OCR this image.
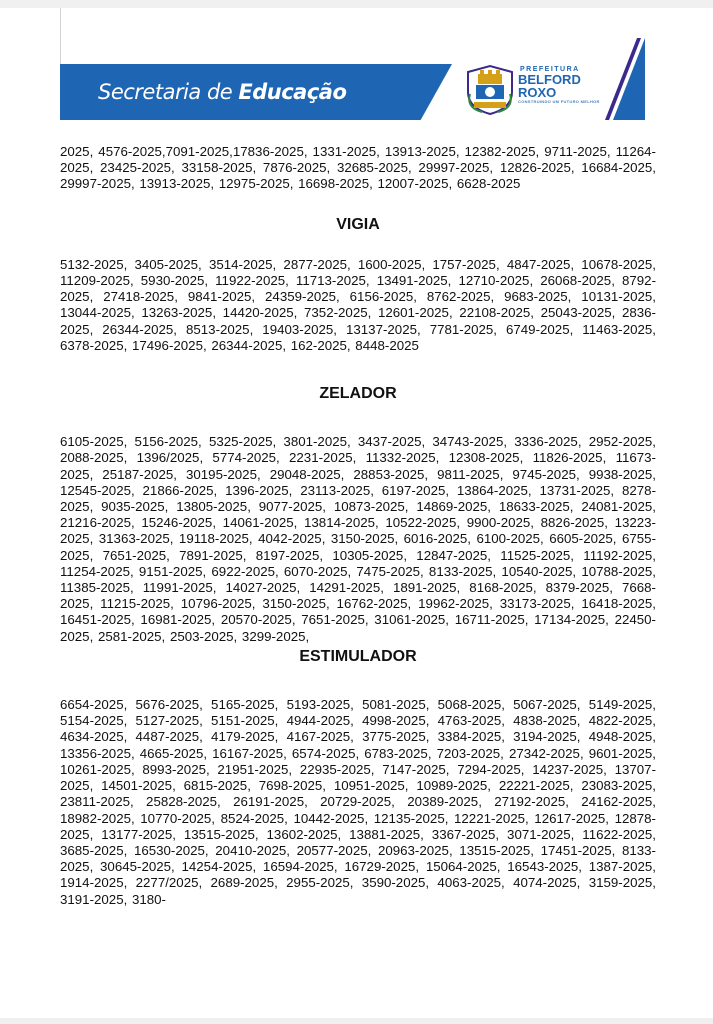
Secretaria de Educação
PREFEITURA
BELFORD
ROXO
CONSTRUINDO UM FUTURO MELHOR

2025, 4576-2025,7091-2025,17836-2025, 1331-2025, 13913-2025, 12382-2025, 9711-2025, 11264-2025, 23425-2025, 33158-2025, 7876-2025, 32685-2025, 29997-2025, 12826-2025, 16684-2025, 29997-2025, 13913-2025, 12975-2025, 16698-2025, 12007-2025, 6628-2025

VIGIA

5132-2025, 3405-2025, 3514-2025, 2877-2025, 1600-2025, 1757-2025, 4847-2025, 10678-2025, 11209-2025, 5930-2025, 11922-2025, 11713-2025, 13491-2025, 12710-2025, 26068-2025, 8792-2025, 27418-2025, 9841-2025, 24359-2025, 6156-2025, 8762-2025, 9683-2025, 10131-2025, 13044-2025, 13263-2025, 14420-2025, 7352-2025, 12601-2025, 22108-2025, 25043-2025, 2836-2025, 26344-2025, 8513-2025, 19403-2025, 13137-2025, 7781-2025, 6749-2025, 11463-2025, 6378-2025, 17496-2025, 26344-2025, 162-2025, 8448-2025

ZELADOR

6105-2025, 5156-2025, 5325-2025, 3801-2025, 3437-2025, 34743-2025, 3336-2025, 2952-2025, 2088-2025, 1396/2025, 5774-2025, 2231-2025, 11332-2025, 12308-2025, 11826-2025, 11673-2025, 25187-2025, 30195-2025, 29048-2025, 28853-2025, 9811-2025, 9745-2025, 9938-2025, 12545-2025, 21866-2025, 1396-2025, 23113-2025, 6197-2025, 13864-2025, 13731-2025, 8278-2025, 9035-2025, 13805-2025, 9077-2025, 10873-2025, 14869-2025, 18633-2025, 24081-2025, 21216-2025, 15246-2025, 14061-2025, 13814-2025, 10522-2025, 9900-2025, 8826-2025, 13223-2025, 31363-2025, 19118-2025, 4042-2025, 3150-2025, 6016-2025, 6100-2025, 6605-2025, 6755-2025, 7651-2025, 7891-2025, 8197-2025, 10305-2025, 12847-2025, 11525-2025, 11192-2025, 11254-2025, 9151-2025, 6922-2025, 6070-2025, 7475-2025, 8133-2025, 10540-2025, 10788-2025, 11385-2025, 11991-2025, 14027-2025, 14291-2025, 1891-2025, 8168-2025, 8379-2025, 7668-2025, 11215-2025, 10796-2025, 3150-2025, 16762-2025, 19962-2025, 33173-2025, 16418-2025, 16451-2025, 16981-2025, 20570-2025, 7651-2025, 31061-2025, 16711-2025, 17134-2025, 22450-2025, 2581-2025, 2503-2025, 3299-2025,

ESTIMULADOR

6654-2025, 5676-2025, 5165-2025, 5193-2025, 5081-2025, 5068-2025, 5067-2025, 5149-2025, 5154-2025, 5127-2025, 5151-2025, 4944-2025, 4998-2025, 4763-2025, 4838-2025, 4822-2025, 4634-2025, 4487-2025, 4179-2025, 4167-2025, 3775-2025, 3384-2025, 3194-2025, 4948-2025, 13356-2025, 4665-2025, 16167-2025, 6574-2025, 6783-2025, 7203-2025, 27342-2025, 9601-2025, 10261-2025, 8993-2025, 21951-2025, 22935-2025, 7147-2025, 7294-2025, 14237-2025, 13707-2025, 14501-2025, 6815-2025, 7698-2025, 10951-2025, 10989-2025, 22221-2025, 23083-2025, 23811-2025, 25828-2025, 26191-2025, 20729-2025, 20389-2025, 27192-2025, 24162-2025, 18982-2025, 10770-2025, 8524-2025, 10442-2025, 12135-2025, 12221-2025, 12617-2025, 12878-2025, 13177-2025, 13515-2025, 13602-2025, 13881-2025, 3367-2025, 3071-2025, 11622-2025, 3685-2025, 16530-2025, 20410-2025, 20577-2025, 20963-2025, 13515-2025, 17451-2025, 8133-2025, 30645-2025, 14254-2025, 16594-2025, 16729-2025, 15064-2025, 16543-2025, 1387-2025, 1914-2025, 2277/2025, 2689-2025, 2955-2025, 3590-2025, 4063-2025, 4074-2025, 3159-2025, 3191-2025, 3180-
